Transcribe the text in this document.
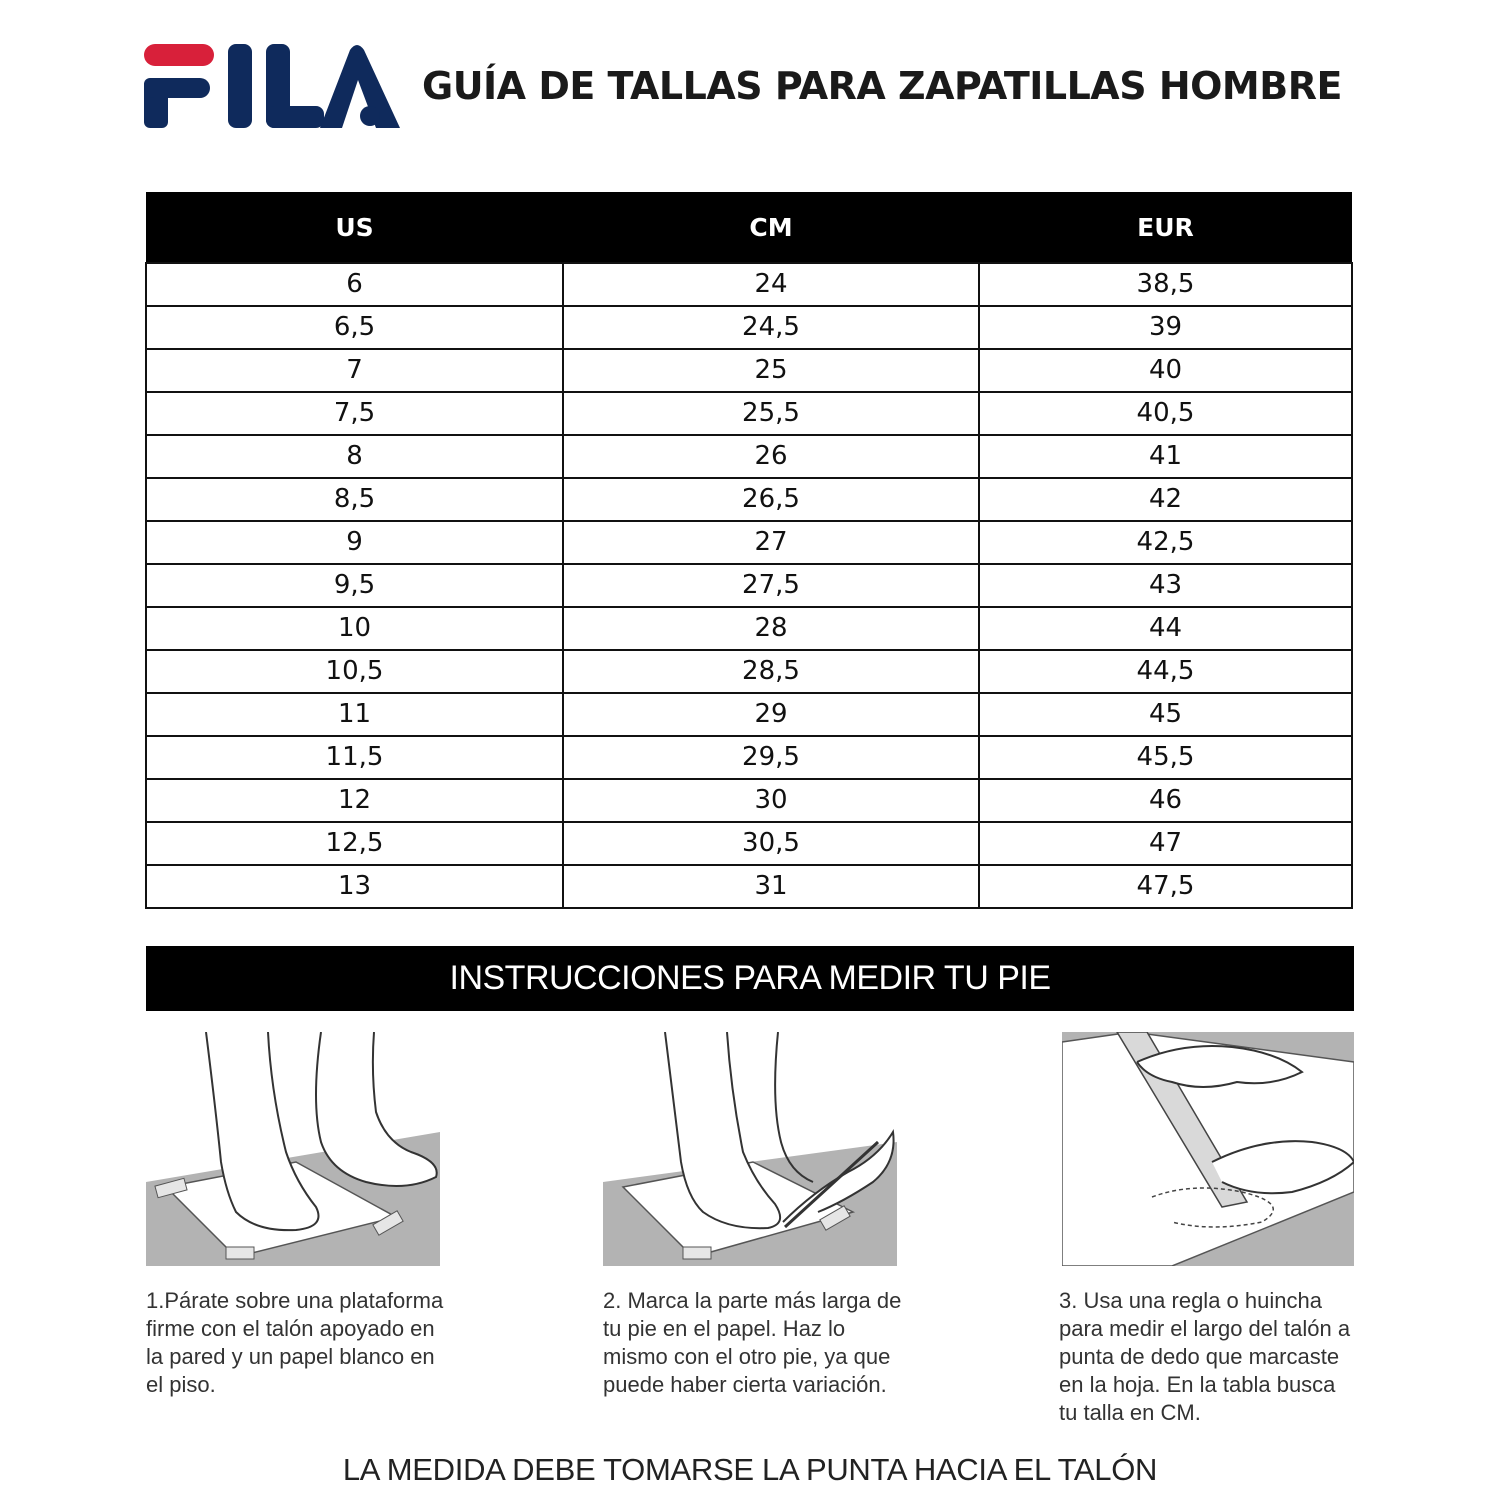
GUÍA DE TALLAS PARA ZAPATILLAS HOMBRE
US	CM	EUR
6	24	38,5
6,5	24,5	39
7	25	40
7,5	25,5	40,5
8	26	41
8,5	26,5	42
9	27	42,5
9,5	27,5	43
10	28	44
10,5	28,5	44,5
11	29	45
11,5	29,5	45,5
12	30	46
12,5	30,5	47
13	31	47,5
INSTRUCCIONES PARA MEDIR TU PIE
1.Párate sobre una plataforma firme con el talón apoyado en la pared y un papel blanco en el piso.
2. Marca la parte más larga de tu pie en el papel. Haz lo mismo con el otro pie, ya que puede haber cierta variación.
3. Usa una regla o huincha para medir el largo del talón a punta de dedo que marcaste en la hoja. En la tabla busca tu talla en CM.
LA MEDIDA DEBE TOMARSE LA PUNTA HACIA EL TALÓN
